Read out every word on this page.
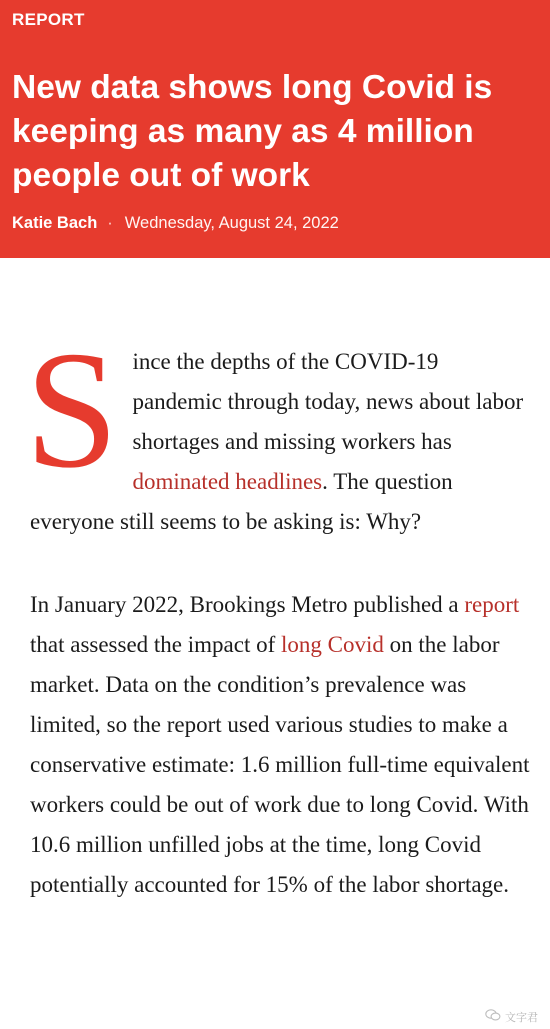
REPORT
New data shows long Covid is keeping as many as 4 million people out of work
Katie Bach · Wednesday, August 24, 2022

Since the depths of the COVID-19 pandemic through today, news about labor shortages and missing workers has dominated headlines. The question everyone still seems to be asking is: Why?

In January 2022, Brookings Metro published a report that assessed the impact of long Covid on the labor market. Data on the condition’s prevalence was limited, so the report used various studies to make a conservative estimate: 1.6 million full-time equivalent workers could be out of work due to long Covid. With 10.6 million unfilled jobs at the time, long Covid potentially accounted for 15% of the labor shortage.

文字君
